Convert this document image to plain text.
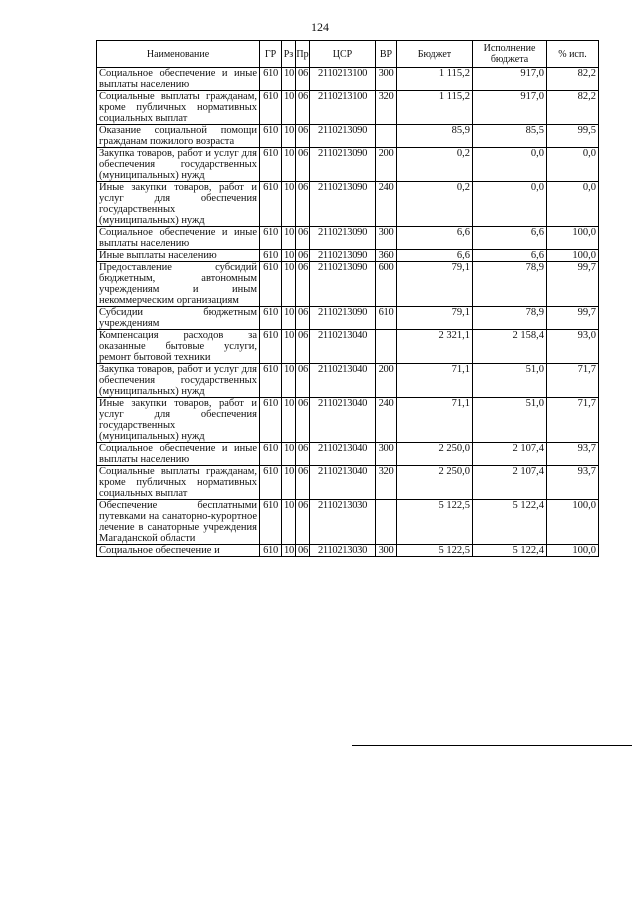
124
Наименование	ГР	Рз	Пр	ЦСР	ВР	Бюджет	Исполнение бюджета	% исп.
Социальное обеспечение и иные выплаты населению	610	10	06	2110213100	300	1 115,2	917,0	82,2
Социальные выплаты гражданам, кроме публичных нормативных социальных выплат	610	10	06	2110213100	320	1 115,2	917,0	82,2
Оказание социальной помощи гражданам пожилого возраста	610	10	06	2110213090		85,9	85,5	99,5
Закупка товаров, работ и услуг для обеспечения государственных (муниципальных) нужд	610	10	06	2110213090	200	0,2	0,0	0,0
Иные закупки товаров, работ и услуг для обеспечения государственных (муниципальных) нужд	610	10	06	2110213090	240	0,2	0,0	0,0
Социальное обеспечение и иные выплаты населению	610	10	06	2110213090	300	6,6	6,6	100,0
Иные выплаты населению	610	10	06	2110213090	360	6,6	6,6	100,0
Предоставление субсидий бюджетным, автономным учреждениям и иным некоммерческим организациям	610	10	06	2110213090	600	79,1	78,9	99,7
Субсидии бюджетным учреждениям	610	10	06	2110213090	610	79,1	78,9	99,7
Компенсация расходов за оказанные бытовые услуги, ремонт бытовой техники	610	10	06	2110213040		2 321,1	2 158,4	93,0
Закупка товаров, работ и услуг для обеспечения государственных (муниципальных) нужд	610	10	06	2110213040	200	71,1	51,0	71,7
Иные закупки товаров, работ и услуг для обеспечения государственных (муниципальных) нужд	610	10	06	2110213040	240	71,1	51,0	71,7
Социальное обеспечение и иные выплаты населению	610	10	06	2110213040	300	2 250,0	2 107,4	93,7
Социальные выплаты гражданам, кроме публичных нормативных социальных выплат	610	10	06	2110213040	320	2 250,0	2 107,4	93,7
Обеспечение бесплатными путевками на санаторно-курортное лечение в санаторные учреждения Магаданской области	610	10	06	2110213030		5 122,5	5 122,4	100,0
Социальное обеспечение и	610	10	06	2110213030	300	5 122,5	5 122,4	100,0
